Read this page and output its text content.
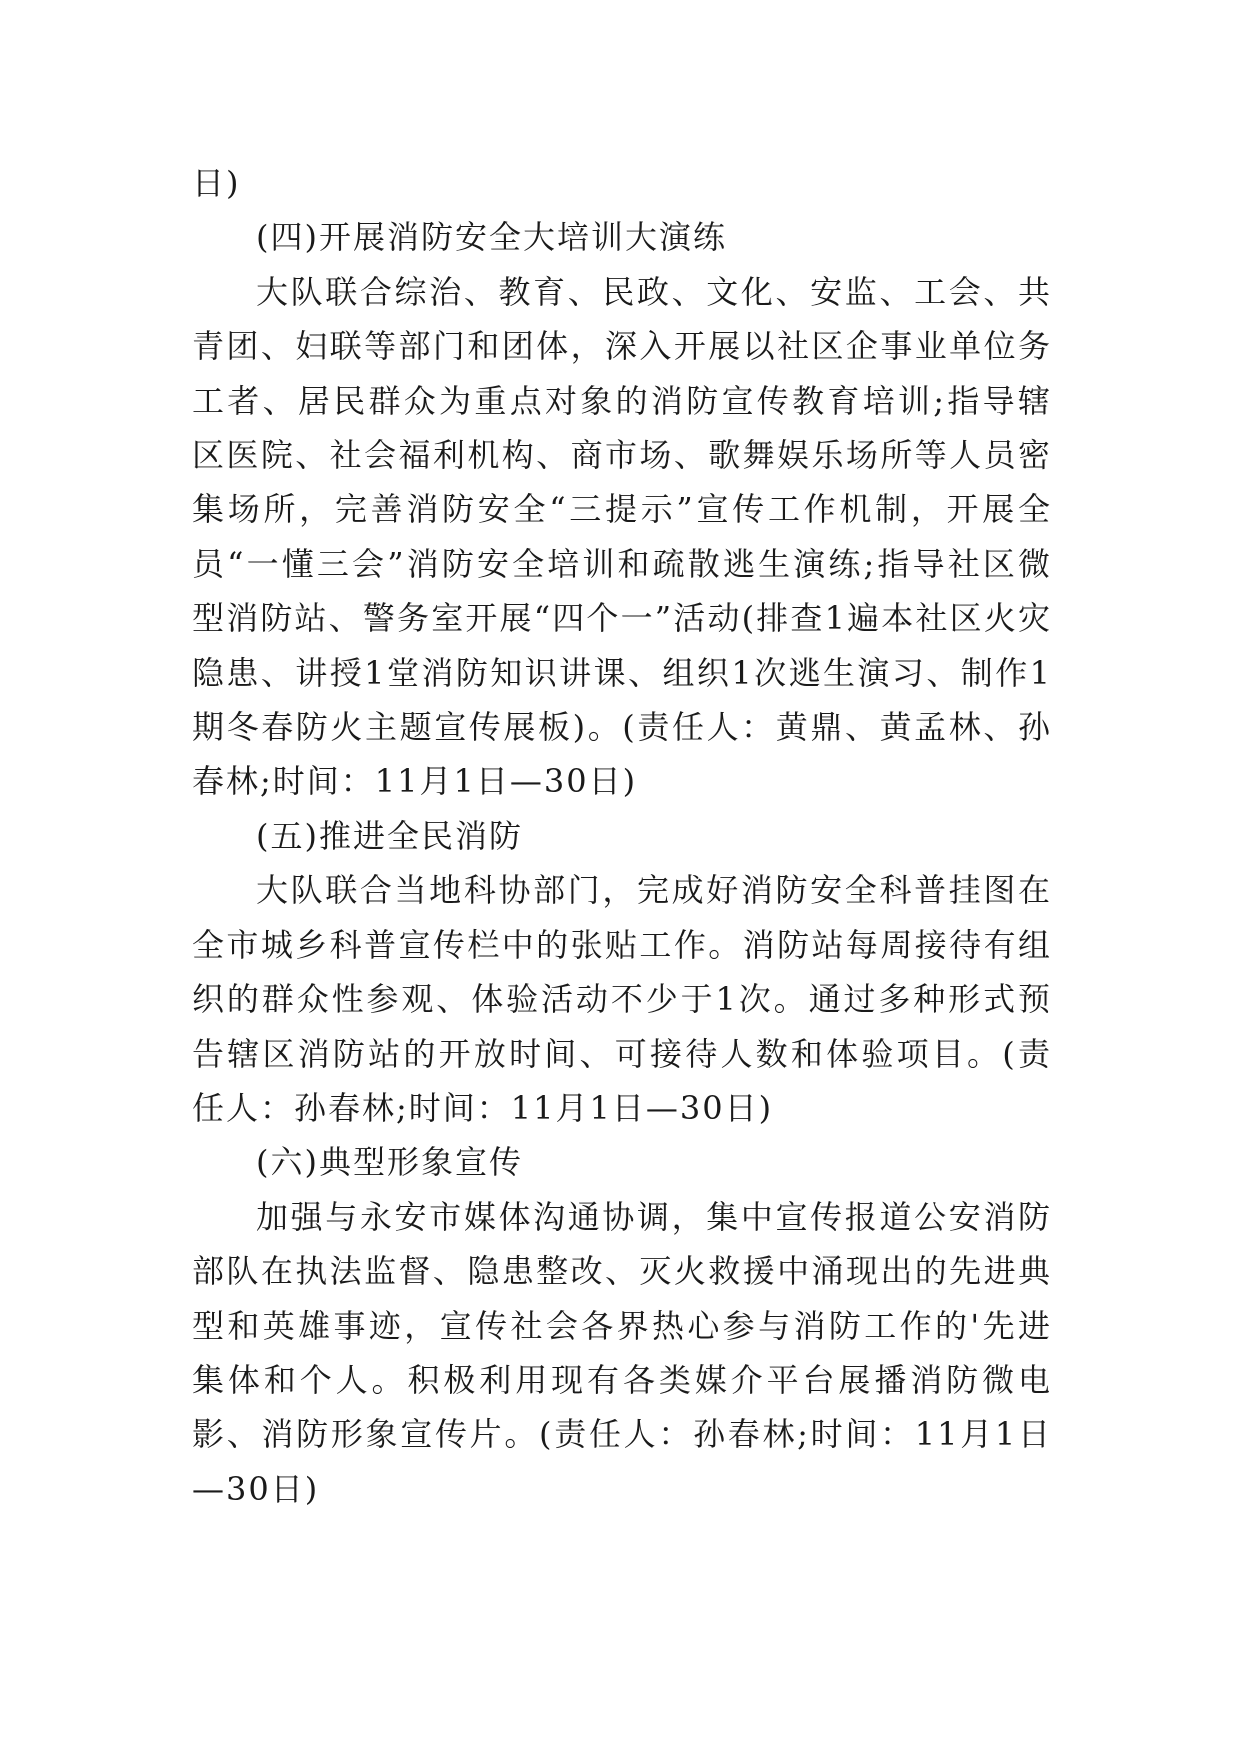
日)

(四)开展消防安全大培训大演练

大队联合综治、教育、民政、文化、安监、工会、共青团、妇联等部门和团体，深入开展以社区企事业单位务工者、居民群众为重点对象的消防宣传教育培训;指导辖区医院、社会福利机构、商市场、歌舞娱乐场所等人员密集场所，完善消防安全“三提示”宣传工作机制，开展全员“一懂三会”消防安全培训和疏散逃生演练;指导社区微型消防站、警务室开展“四个一”活动(排查1遍本社区火灾隐患、讲授1堂消防知识讲课、组织1次逃生演习、制作1期冬春防火主题宣传展板)。(责任人：黄鼎、黄孟林、孙春林;时间：11月1日—30日)

(五)推进全民消防

大队联合当地科协部门，完成好消防安全科普挂图在全市城乡科普宣传栏中的张贴工作。消防站每周接待有组织的群众性参观、体验活动不少于1次。通过多种形式预告辖区消防站的开放时间、可接待人数和体验项目。(责任人：孙春林;时间：11月1日—30日)

(六)典型形象宣传

加强与永安市媒体沟通协调，集中宣传报道公安消防部队在执法监督、隐患整改、灭火救援中涌现出的先进典型和英雄事迹，宣传社会各界热心参与消防工作的'先进集体和个人。积极利用现有各类媒介平台展播消防微电影、消防形象宣传片。(责任人：孙春林;时间：11月1日—30日)
